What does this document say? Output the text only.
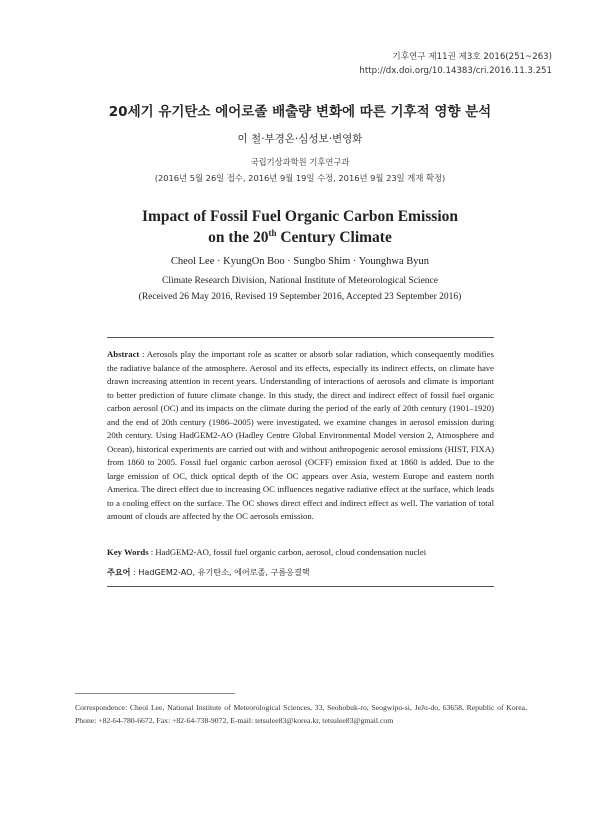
기후연구 제11권 제3호 2016(251~263)
http://dx.doi.org/10.14383/cri.2016.11.3.251
20세기 유기탄소 에어로졸 배출량 변화에 따른 기후적 영향 분석
이 철·부경온·심성보·변영화
국립기상과학원 기후연구과
(2016년 5월 26일 접수, 2016년 9월 19일 수정, 2016년 9월 23일 게재 확정)
Impact of Fossil Fuel Organic Carbon Emission
on the 20th Century Climate
Cheol Lee · KyungOn Boo · Sungbo Shim · Younghwa Byun
Climate Research Division, National Institute of Meteorological Science
(Received 26 May 2016, Revised 19 September 2016, Accepted 23 September 2016)
Abstract : Aerosols play the important role as scatter or absorb solar radiation, which consequently modifies the radiative balance of the atmosphere. Aerosol and its effects, especially its indirect effects, on climate have drawn increasing attention in recent years. Understanding of interactions of aerosols and climate is important to better prediction of future climate change. In this study, the direct and indirect effect of fossil fuel organic carbon aerosol (OC) and its impacts on the climate during the period of the early of 20th century (1901–1920) and the end of 20th century (1986–2005) were investigated. we examine changes in aerosol emission during 20th century. Using HadGEM2-AO (Hadley Centre Global Environmental Model version 2, Atmosphere and Ocean), historical experiments are carried out with and without anthropogenic aerosol emissions (HIST, FIXA) from 1860 to 2005. Fossil fuel organic carbon aerosol (OCFF) emission fixed at 1860 is added. Due to the large emission of OC, thick optical depth of the OC appears over Asia, western Europe and eastern north America. The direct effect due to increasing OC influences negative radiative effect at the surface, which leads to a cooling effect on the surface. The OC shows direct effect and indirect effect as well. The variation of total amount of clouds are affected by the OC aerosols emission.
Key Words : HadGEM2-AO, fossil fuel organic carbon, aerosol, cloud condensation nuclei
주요어 : HadGEM2-AO, 유기탄소, 에어로졸, 구름응결핵
Correspondence: Cheol Lee, National Institute of Meteorological Sciences, 33, Seohobuk-ro, Seogwipo-si, JeJu-do, 63658, Republic of Korea, Phone: +82-64-780-6672, Fax: +82-64-738-9072, E-mail: tetsulee83@korea.kr, tetsulee83@gmail.com
